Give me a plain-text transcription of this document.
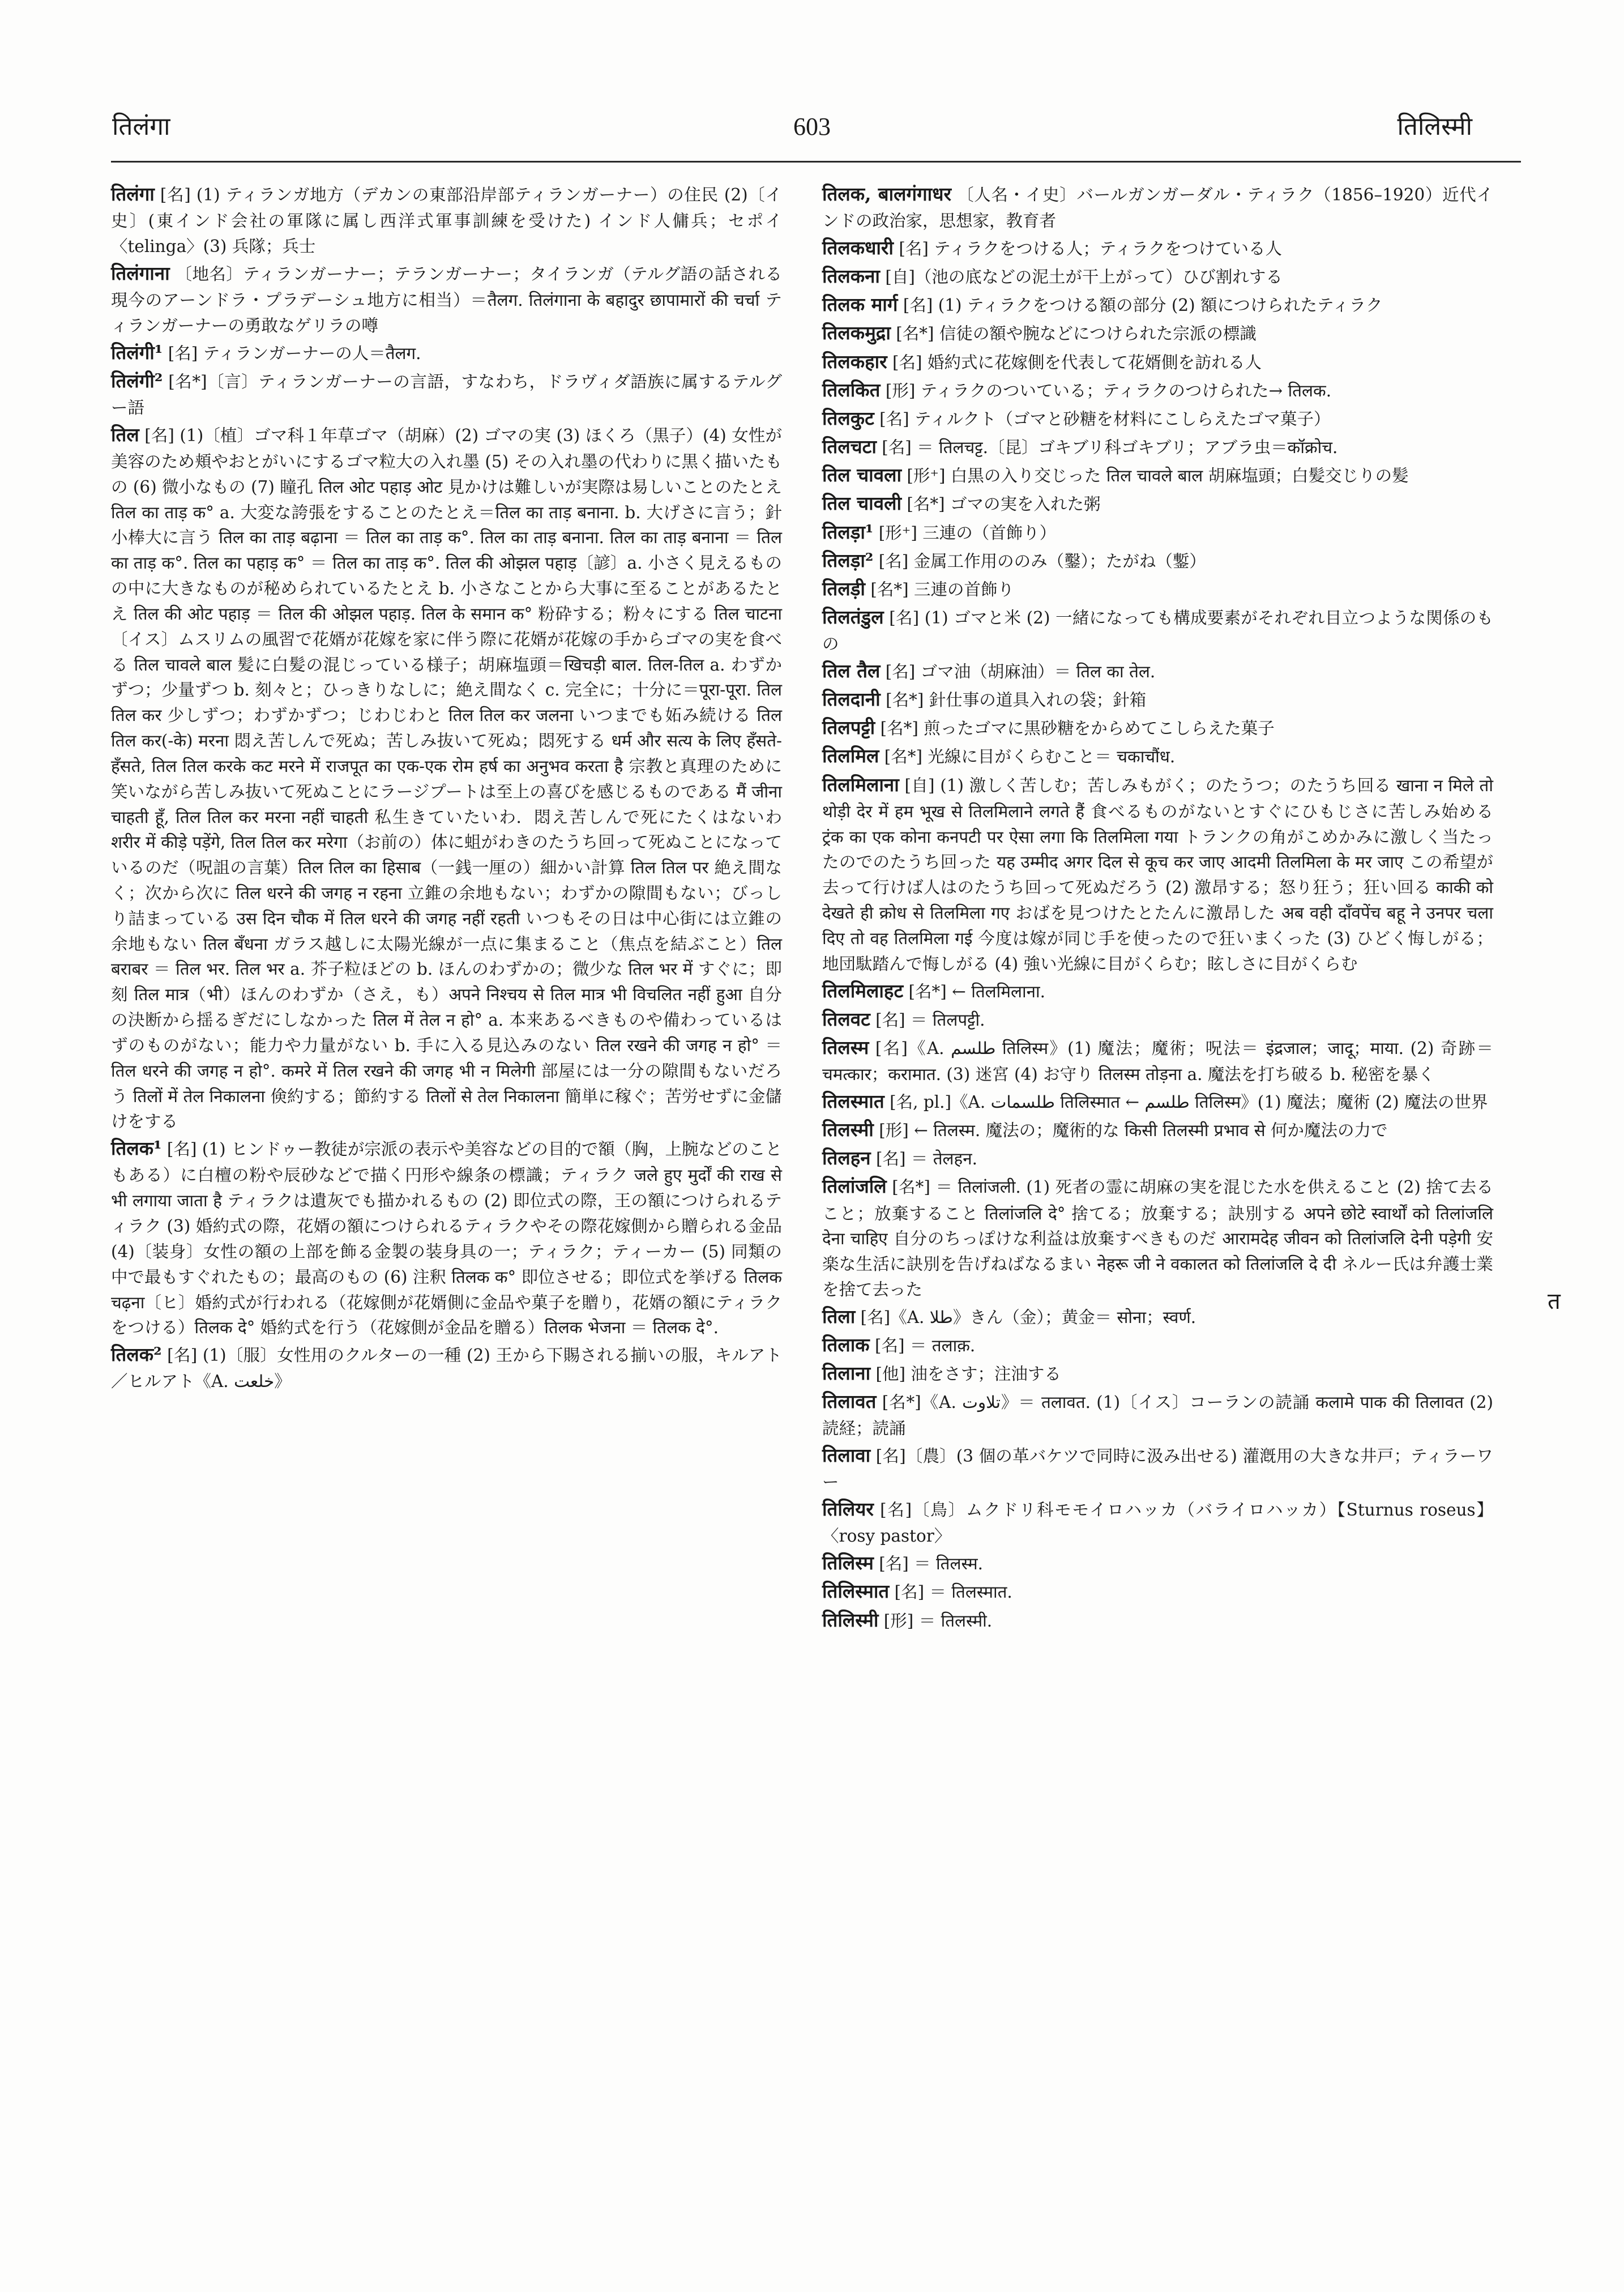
तिलंगा	603	तिलिस्मी

तिलंगा [名] (1) ティランガ地方（デカンの東部沿岸部ティランガーナー）の住民 (2)〔イ史〕(東インド会社の軍隊に属し西洋式軍事訓練を受けた) インド人傭兵；セポイ〈telinga〉(3) 兵隊；兵士

तिलंगाना 〔地名〕ティランガーナー；テランガーナー；タイランガ（テルグ語の話される現今のアーンドラ・プラデーシュ地方に相当）＝तैलग. तिलंगाना के बहादुर छापामारों की चर्चा ティランガーナーの勇敢なゲリラの噂

तिलंगी¹ [名] ティランガーナーの人＝तैलग.

तिलंगी² [名*]〔言〕ティランガーナーの言語，すなわち，ドラヴィダ語族に属するテルグー語

तिल [名] (1)〔植〕ゴマ科１年草ゴマ（胡麻）(2) ゴマの実 (3) ほくろ（黒子）(4) 女性が美容のため頬やおとがいにするゴマ粒大の入れ墨 (5) その入れ墨の代わりに黒く描いたもの (6) 微小なもの (7) 瞳孔 तिल ओट पहाड़ ओट 見かけは難しいが実際は易しいことのたとえ तिल का ताड़ क° a. 大変な誇張をすることのたとえ＝तिल का ताड़ बनाना. b. 大げさに言う；針小棒大に言う तिल का ताड़ बढ़ाना ＝ तिल का ताड़ क°. तिल का ताड़ बनाना. तिल का ताड़ बनाना ＝ तिल का ताड़ क°. तिल का पहाड़ क° ＝ तिल का ताड़ क°. तिल की ओझल पहाड़〔諺〕a. 小さく見えるものの中に大きなものが秘められているたとえ b. 小さなことから大事に至ることがあるたとえ तिल की ओट पहाड़ ＝ तिल की ओझल पहाड़. तिल के समान क° 粉砕する；粉々にする तिल चाटना〔イス〕ムスリムの風習で花婿が花嫁を家に伴う際に花婿が花嫁の手からゴマの実を食べる तिल चावले बाल 髪に白髪の混じっている様子；胡麻塩頭＝खिचड़ी बाल. तिल-तिल a. わずかずつ；少量ずつ b. 刻々と；ひっきりなしに；絶え間なく c. 完全に；十分に＝पूरा-पूरा. तिल तिल कर 少しずつ；わずかずつ；じわじわと तिल तिल कर जलना いつまでも妬み続ける तिल तिल कर(-के) मरना 悶え苦しんで死ぬ；苦しみ抜いて死ぬ；悶死する धर्म और सत्य के लिए हँसते-हँसते, तिल तिल करके कट मरने में राजपूत का एक-एक रोम हर्ष का अनुभव करता है 宗教と真理のために笑いながら苦しみ抜いて死ぬことにラージプートは至上の喜びを感じるものである मैं जीना चाहती हूँ, तिल तिल कर मरना नहीं चाहती 私生きていたいわ．悶え苦しんで死にたくはないわ शरीर में कीड़े पड़ेंगे, तिल तिल कर मरेगा（お前の）体に蛆がわきのたうち回って死ぬことになっているのだ（呪詛の言葉）तिल तिल का हिसाब（一銭一厘の）細かい計算 तिल तिल पर 絶え間なく；次から次に तिल धरने की जगह न रहना 立錐の余地もない；わずかの隙間もない；びっしり詰まっている उस दिन चौक में तिल धरने की जगह नहीं रहती いつもその日は中心街には立錐の余地もない तिल बँधना ガラス越しに太陽光線が一点に集まること（焦点を結ぶこと）तिल बराबर ＝ तिल भर. तिल भर a. 芥子粒ほどの b. ほんのわずかの；微少な तिल भर में すぐに；即刻 तिल मात्र（भी）ほんのわずか（さえ，も）अपने निश्चय से तिल मात्र भी विचलित नहीं हुआ 自分の決断から揺るぎだにしなかった तिल में तेल न हो° a. 本来あるべきものや備わっているはずのものがない；能力や力量がない b. 手に入る見込みのない तिल रखने की जगह न हो° ＝ तिल धरने की जगह न हो°. कमरे में तिल रखने की जगह भी न मिलेगी 部屋には一分の隙間もないだろう तिलों में तेल निकालना 倹約する；節約する तिलों से तेल निकालना 簡単に稼ぐ；苦労せずに金儲けをする

तिलक¹ [名] (1) ヒンドゥー教徒が宗派の表示や美容などの目的で額（胸，上腕などのこともある）に白檀の粉や辰砂などで描く円形や線条の標識；ティラク जले हुए मुर्दों की राख से भी लगाया जाता है ティラクは遺灰でも描かれるもの (2) 即位式の際，王の額につけられるティラク (3) 婚約式の際，花婿の額につけられるティラクやその際花嫁側から贈られる金品 (4)〔装身〕女性の額の上部を飾る金製の装身具の一；ティラク；ティーカー (5) 同類の中で最もすぐれたもの；最高のもの (6) 注釈 तिलक क° 即位させる；即位式を挙げる तिलक चढ़ना〔ヒ〕婚約式が行われる（花嫁側が花婿側に金品や菓子を贈り，花婿の額にティラクをつける）तिलक दे° 婚約式を行う（花嫁側が金品を贈る）तिलक भेजना ＝ तिलक दे°.

तिलक² [名] (1)〔服〕女性用のクルターの一種 (2) 王から下賜される揃いの服，キルアト／ヒルアト《A. خلعت》

तिलक, बालगंगाधर 〔人名・イ史〕バールガンガーダル・ティラク（1856–1920）近代インドの政治家，思想家，教育者

तिलकधारी [名] ティラクをつける人；ティラクをつけている人

तिलकना [自]（池の底などの泥土が干上がって）ひび割れする

तिलक मार्ग [名] (1) ティラクをつける額の部分 (2) 額につけられたティラク

तिलकमुद्रा [名*] 信徒の額や腕などにつけられた宗派の標識

तिलकहार [名] 婚約式に花嫁側を代表して花婿側を訪れる人

तिलकित [形] ティラクのついている；ティラクのつけられた→ तिलक.

तिलकुट [名] ティルクト（ゴマと砂糖を材料にこしらえたゴマ菓子）

तिलचटा [名] ＝ तिलचट्ट.〔昆〕ゴキブリ科ゴキブリ；アブラ虫＝कॉक्रोच.

तिल चावला [形⁺] 白黒の入り交じった तिल चावले बाल 胡麻塩頭；白髪交じりの髪

तिल चावली [名*] ゴマの実を入れた粥

तिलड़ा¹ [形⁺] 三連の（首飾り）

तिलड़ा² [名] 金属工作用ののみ（鑿）；たがね（鏨）

तिलड़ी [名*] 三連の首飾り

तिलतंडुल [名] (1) ゴマと米 (2) 一緒になっても構成要素がそれぞれ目立つような関係のもの

तिल तैल [名] ゴマ油（胡麻油）＝ तिल का तेल.

तिलदानी [名*] 針仕事の道具入れの袋；針箱

तिलपट्टी [名*] 煎ったゴマに黒砂糖をからめてこしらえた菓子

तिलमिल [名*] 光線に目がくらむこと＝ चकाचौंध.

तिलमिलाना [自] (1) 激しく苦しむ；苦しみもがく；のたうつ；のたうち回る खाना न मिले तो थोड़ी देर में हम भूख से तिलमिलाने लगते हैं 食べるものがないとすぐにひもじさに苦しみ始める ट्रंक का एक कोना कनपटी पर ऐसा लगा कि तिलमिला गया トランクの角がこめかみに激しく当たったのでのたうち回った यह उम्मीद अगर दिल से कूच कर जाए आदमी तिलमिला के मर जाए この希望が去って行けば人はのたうち回って死ぬだろう (2) 激昂する；怒り狂う；狂い回る काकी को देखते ही क्रोध से तिलमिला गए おばを見つけたとたんに激昂した अब वही दाँवपेंच बहू ने उनपर चला दिए तो वह तिलमिला गई 今度は嫁が同じ手を使ったので狂いまくった (3) ひどく悔しがる；地団駄踏んで悔しがる (4) 強い光線に目がくらむ；眩しさに目がくらむ

तिलमिलाहट [名*] ← तिलमिलाना.

तिलवट [名] ＝ तिलपट्टी.

तिलस्म [名]《A. طلسم तिलिस्म》(1) 魔法；魔術；呪法＝ इंद्रजाल；जादू；माया. (2) 奇跡＝ चमत्कार；करामात. (3) 迷宮 (4) お守り तिलस्म तोड़ना a. 魔法を打ち破る b. 秘密を暴く

तिलस्मात [名, pl.]《A. طلسمات तिलिस्मात ← طلسم तिलिस्म》(1) 魔法；魔術 (2) 魔法の世界

तिलस्मी [形] ← तिलस्म. 魔法の；魔術的な किसी तिलस्मी प्रभाव से 何か魔法の力で

तिलहन [名] ＝ तेलहन.

तिलांजलि [名*] ＝ तिलांजली. (1) 死者の霊に胡麻の実を混じた水を供えること (2) 捨て去ること；放棄すること तिलांजलि दे° 捨てる；放棄する；訣別する अपने छोटे स्वार्थों को तिलांजलि देना चाहिए 自分のちっぽけな利益は放棄すべきものだ आरामदेह जीवन को तिलांजलि देनी पड़ेगी 安楽な生活に訣別を告げねばなるまい नेहरू जी ने वकालत को तिलांजलि दे दी ネルー氏は弁護士業を捨て去った

तिला [名]《A. طلا》きん（金）；黄金＝ सोना；स्वर्ण.

तिलाक [名] ＝ तलाक़.

तिलाना [他] 油をさす；注油する

तिलावत [名*]《A. تلاوت》＝ तलावत. (1)〔イス〕コーランの読誦 कलामे पाक की तिलावत (2) 読経；読誦

तिलावा [名]〔農〕(3 個の革バケツで同時に汲み出せる) 灌漑用の大きな井戸；ティラーワー

तिलियर [名]〔鳥〕ムクドリ科モモイロハッカ（バライロハッカ）【Sturnus roseus】〈rosy pastor〉

तिलिस्म [名] ＝ तिलस्म.

तिलिस्मात [名] ＝ तिलस्मात.

तिलिस्मी [形] ＝ तिलस्मी.

त
